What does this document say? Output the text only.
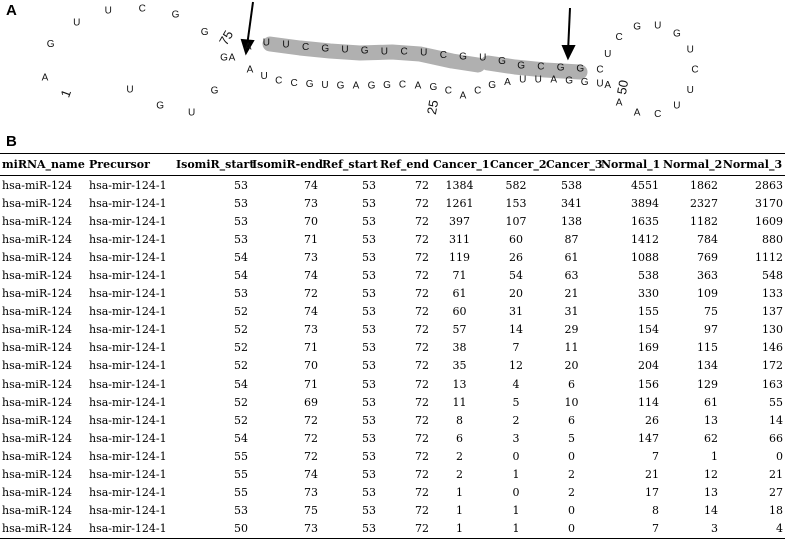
A
A
G
U
U	C
G
G
G
G
U
G
U
A
A U U C G U G U C U C G U G G C G G C
A
U C C G U G A G G C A G C A C G A U U A G G U
U
C
G U
G
U
C
U
U
C
A
A
A
1
75
25
50
B
miRNA_name	Precursor	IsomiR_start	IsomiR-end	Ref_start	Ref_end	Cancer_1	Cancer_2	Cancer_3	Normal_1	Normal_2	Normal_3
hsa-miR-124	hsa-mir-124-1	53	74	53	72	1384	582	538	4551	1862	2863
hsa-miR-124	hsa-mir-124-1	53	73	53	72	1261	153	341	3894	2327	3170
hsa-miR-124	hsa-mir-124-1	53	70	53	72	397	107	138	1635	1182	1609
hsa-miR-124	hsa-mir-124-1	53	71	53	72	311	60	87	1412	784	880
hsa-miR-124	hsa-mir-124-1	54	73	53	72	119	26	61	1088	769	1112
hsa-miR-124	hsa-mir-124-1	54	74	53	72	71	54	63	538	363	548
hsa-miR-124	hsa-mir-124-1	53	72	53	72	61	20	21	330	109	133
hsa-miR-124	hsa-mir-124-1	52	74	53	72	60	31	31	155	75	137
hsa-miR-124	hsa-mir-124-1	52	73	53	72	57	14	29	154	97	130
hsa-miR-124	hsa-mir-124-1	52	71	53	72	38	7	11	169	115	146
hsa-miR-124	hsa-mir-124-1	52	70	53	72	35	12	20	204	134	172
hsa-miR-124	hsa-mir-124-1	54	71	53	72	13	4	6	156	129	163
hsa-miR-124	hsa-mir-124-1	52	69	53	72	11	5	10	114	61	55
hsa-miR-124	hsa-mir-124-1	52	72	53	72	8	2	6	26	13	14
hsa-miR-124	hsa-mir-124-1	54	72	53	72	6	3	5	147	62	66
hsa-miR-124	hsa-mir-124-1	55	72	53	72	2	0	0	7	1	0
hsa-miR-124	hsa-mir-124-1	55	74	53	72	2	1	2	21	12	21
hsa-miR-124	hsa-mir-124-1	55	73	53	72	1	0	2	17	13	27
hsa-miR-124	hsa-mir-124-1	53	75	53	72	1	1	0	8	14	18
hsa-miR-124	hsa-mir-124-1	50	73	53	72	1	1	0	7	3	4
